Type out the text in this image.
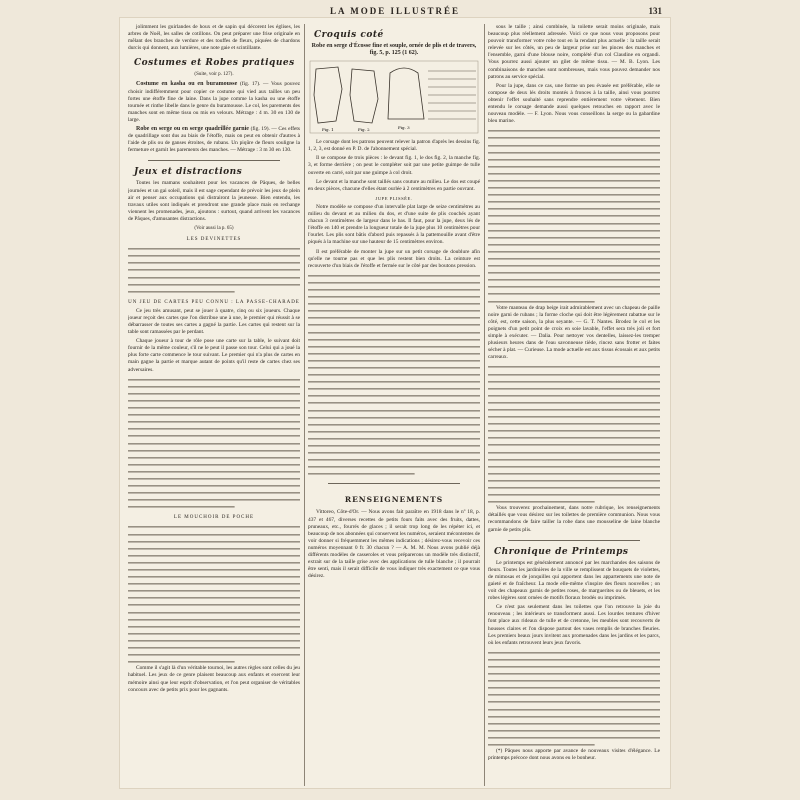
LA MODE ILLUSTRÉE	131

jolimment les guirlandes de houx et de sapin qui décorent les églises, les arbres de Noël, les salles de cotillons. On peut préparer une frise originale en mêlant des branches de verdure et des touffes de fleurs, piquées de chardons durcis qui donnent, aux lumières, une note gaie et scintillante.

Costumes et Robes pratiques
(Suite, voir p. 127).

Costume en kasha ou en buramousse (fig. 17). — Vous pouvez choisir indifféremment pour copier ce costume qui vied aux tailles un peu fortes une étoffe fine de laine. Dans la jupe comme la kasha ou une étoffe tournée et rinthe libelle dans le genre du buramousse. Le col, les parements des manches sont en même tissu ou mis en velours. Métrage : 4 m. 30 en 130 de large.

Robe en serge ou en serge quadrillée garnie (fig. 19). — Ces effets de quadrillage sont dus au biais de l'étoffe, mais on peut en obtenir d'autres à l'aide de plis ou de ganses étroites, de rubans. Un piqûre de fleurs souligne la fermeture et garnit les parements des manches. — Métrage : 3 m 30 en 130.

Jeux et distractions

Toutes les mamans souhaitent pour les vacances de Pâques, de belles journées et un gai soleil, mais il est sage cependant de prévoir les jeux de plein air et penser aux occupations qui distrairont la jeunesse. Bien entendu, les travaux utiles sont indiqués et prendront une grande place mais en rechange viennent les promenades, jeux, ajoutons : surtout, quand arrivent les vacances de Pâques, d'amusantes distractions.

(Voir aussi la p. 65)
LES DEVINETTES
UN JEU DE CARTES PEU CONNU : LA PASSE-CHARADE

Ce jeu très amusant, peut se jouer à quatre, cinq ou six joueurs. Chaque joueur reçoit des cartes que l'on distribue une à une, le premier qui réussit à se débarrasser de toutes ses cartes a gagné la partie. Les cartes qui restent sur la table sont ramassées par le perdant.

Chaque joueur à tour de rôle pose une carte sur la table, le suivant doit fournir de la même couleur, s'il ne le peut il passe son tour. Celui qui a joué la plus forte carte commence le tour suivant. Le premier qui n'a plus de cartes en main gagne la partie et marque autant de points qu'il reste de cartes chez ses adversaires.

LE MOUCHOIR DE POCHE

Comme il s'agit là d'un véritable tournoi, les autres règles sont celles du jeu habituel. Les jeux de ce genre plaisent beaucoup aux enfants et exercent leur mémoire ainsi que leur esprit d'observation, et l'on peut organiser de véritables concours avec de petits prix pour les gagnants.

Croquis coté

Robe en serge d'Écosse fine et souple, ornée de plis et de travers, fig. 5, p. 125 (1 62).

Fig. 1	Fig. 2	Fig. 3

Le corsage dont les patrons peuvent relever la patron d'après les dessins fig. 1, 2, 3, est donné en P. D. de l'abonnement spécial.

Il se compose de trois pièces : le devant fig. 1, le dos fig. 2, la manche fig. 3, et forme derrière ; on peut le compléter soit par une petite guimpe de tulle ouverte en carré, soit par une guimpe à col droit.

Le devant et la manche sont taillés sans couture au milieu. Le dos est coupé en deux pièces, chacune d'elles étant ourlée à 2 centimètres en partie ouvrant.

JUPE PLISSÉE.

Notre modèle se compose d'un intervalle plat large de seize centimètres au milieu du devant et au milieu du dos, et d'une suite de plis couchés ayant chacun 3 centimètres de largeur dans le bas. Il faut, pour la jupe, deux lés de l'étoffe en 140 et prendre la longueur totale de la jupe plus 10 centimètres pour l'ourlet. Les plis sont bâtis d'abord puis repassés à la pattemouille avant d'être piqués à la machine sur une hauteur de 15 centimètres environ.

Il est préférable de monter la jupe sur un petit corsage de doublure afin qu'elle ne tourne pas et que les plis restent bien droits. La ceinture est recouverte d'un biais de l'étoffe et fermée sur le côté par des boutons pression.

RENSEIGNEMENTS

Vittoreo, Côte-d'Or. — Nous avons fait paraître en 1918 dans le nº 18, p. 437 et 467, diverses recettes de petits fours faits avec des fruits, dattes, pruneaux, etc., fourrés de glaces ; il serait trop long de les répéter ici, et beaucoup de nos abonnées qui conservent les numéros, seraient mécontentes de voir donner si fréquemment les mêmes indications ; désirez-vous recevoir ces numéros moyennant 0 fr. 30 chacun ? — A. M. M. Nous avons publié déjà différents modèles de casseroles et vous préparerons un modèle très distinctif, extrait sur de la taille grise avec des applications de tulle blanche ; il pourrait être senti, mais il serait difficile de vous indiquer très exactement ce que vous désirez.

sous le taille ; ainsi combinée, la toilette serait moins originale, mais beaucoup plus réellement adressée. Voici ce que nous vous proposons pour pouvoir transformer votre robe tout en la rendant plus actuelle : la taille serait relevée sur les côtés, un peu de largeur prise sur les pinces des manches et l'ensemble, garni d'une blouse noire, complété d'un col Claudine en organdi. Vous pourrez aussi ajouter un gilet de même tissu. — M. B. Lyon. Les combinaisons de manches sont nombreuses, mais vous pouvez demander nos patrons au service spécial.

Pour la jupe, dans ce cas, une forme un peu évasée est préférable, elle se compose de deux lés droits montés à fronces à la taille, ainsi vous pourrez obtenir l'effet souhaité sans reprendre entièrement votre vêtement. Bien entendu le corsage demande aussi quelques retouches en rapport avec le nouveau modèle. — F. Lyon. Nous vous conseillons la serge ou la gabardine bleu marine.

Votre manteau de drap beige irait admirablement avec un chapeau de paille noire garni de rubans ; la forme cloche qui doit être légèrement rabattue sur le côté, est, cette saison, la plus seyante. — G. T. Nantes. Brodez le col et les poignets d'un petit point de croix en soie lavable, l'effet sera très joli et fort simple à exécuter. — Dalia. Pour nettoyer vos dentelles, laissez-les tremper plusieurs heures dans de l'eau savonneuse tiède, rincez sans frotter et faites sécher à plat. — Curieuse. La mode actuelle est aux tissus écossais et aux petits carreaux.

Vous trouverez prochainement, dans notre rubrique, les renseignements détaillés que vous désirez sur les toilettes de première communion. Nous vous recommandons de faire tailler la robe dans une mousseline de laine blanche garnie de petits plis.

Chronique de Printemps

Le printemps est généralement annoncé par les marchandes des saisons de fleurs. Toutes les jardinières de la ville se remplissent de bouquets de violettes, de mimosas et de jonquilles qui apportent dans les appartements une note de gaieté et de fraîcheur. La mode elle-même s'inspire des fleurs nouvelles ; on voit des chapeaux garnis de petites roses, de marguerites ou de bleuets, et les robes légères sont ornées de motifs floraux brodés ou imprimés.

Ce n'est pas seulement dans les toilettes que l'on retrouve la joie du renouveau ; les intérieurs se transforment aussi. Les lourdes tentures d'hiver font place aux rideaux de tulle et de cretonne, les meubles sont recouverts de housses claires et l'on dispose partout des vases remplis de branches fleuries. Les premiers beaux jours invitent aux promenades dans les jardins et les parcs, où les enfants retrouvent leurs jeux favoris.

(*) Pâques nous apporte par avance de nouveaux visites d'élégance. Le printemps précoce dont nous avons eu le bonheur.
